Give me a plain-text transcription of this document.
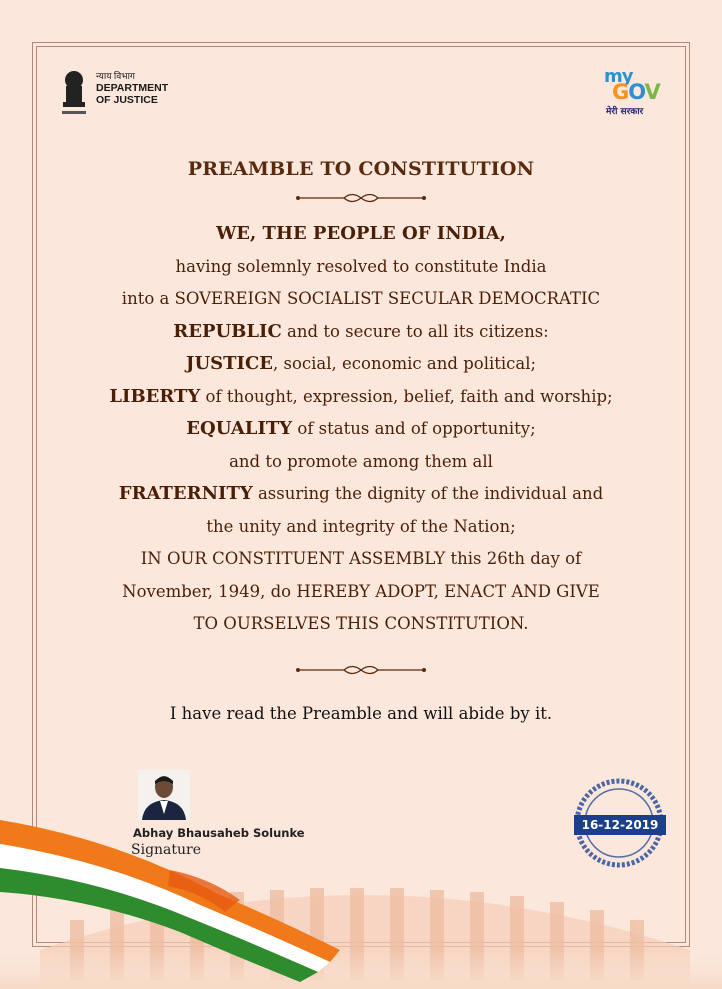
न्याय विभाग
DEPARTMENT
OF JUSTICE
my
GOV
मेरी सरकार
PREAMBLE TO CONSTITUTION
WE, THE PEOPLE OF INDIA,
having solemnly resolved to constitute India
into a SOVEREIGN SOCIALIST SECULAR DEMOCRATIC
REPUBLIC and to secure to all its citizens:
JUSTICE, social, economic and political;
LIBERTY of thought, expression, belief, faith and worship;
EQUALITY of status and of opportunity;
and to promote among them all
FRATERNITY assuring the dignity of the individual and
the unity and integrity of the Nation;
IN OUR CONSTITUENT ASSEMBLY this 26th day of
November, 1949, do HEREBY ADOPT, ENACT AND GIVE
TO OURSELVES THIS CONSTITUTION.
I have read the Preamble and will abide by it.
Abhay Bhausaheb Solunke
Signature
16-12-2019
